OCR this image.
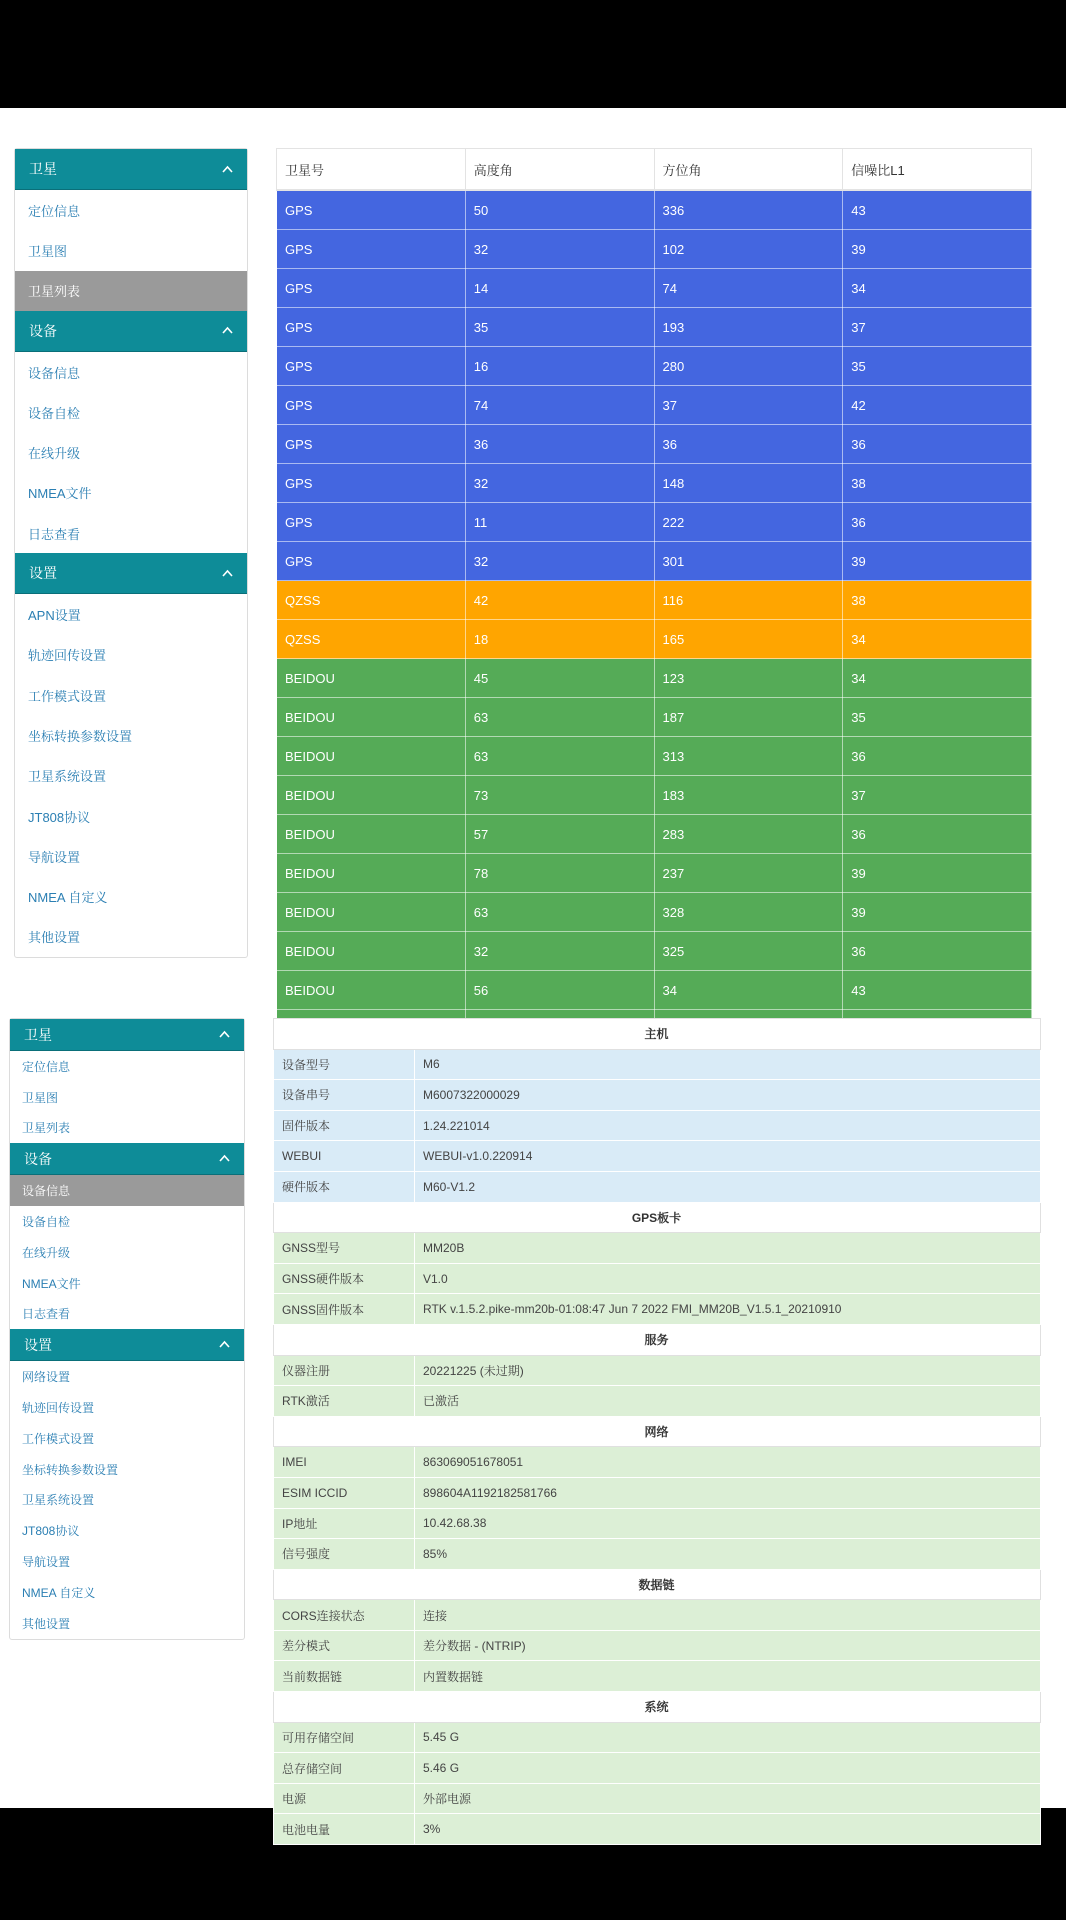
卫星
定位信息
卫星图
卫星列表
设备
设备信息
设备自检
在线升级
NMEA文件
日志查看
设置
APN设置
轨迹回传设置
工作模式设置
坐标转换参数设置
卫星系统设置
JT808协议
导航设置
NMEA 自定义
其他设置
卫星号	高度角	方位角	信噪比L1
GPS	50	336	43
GPS	32	102	39
GPS	14	74	34
GPS	35	193	37
GPS	16	280	35
GPS	74	37	42
GPS	36	36	36
GPS	32	148	38
GPS	11	222	36
GPS	32	301	39
QZSS	42	116	38
QZSS	18	165	34
BEIDOU	45	123	34
BEIDOU	63	187	35
BEIDOU	63	313	36
BEIDOU	73	183	37
BEIDOU	57	283	36
BEIDOU	78	237	39
BEIDOU	63	328	39
BEIDOU	32	325	36
BEIDOU	56	34	43

卫星
定位信息
卫星图
卫星列表
设备
设备信息
设备自检
在线升级
NMEA文件
日志查看
设置
网络设置
轨迹回传设置
工作模式设置
坐标转换参数设置
卫星系统设置
JT808协议
导航设置
NMEA 自定义
其他设置
主机	
设备型号	M6
设备串号	M6007322000029
固件版本	1.24.221014
WEBUI	WEBUI-v1.0.220914
硬件版本	M60-V1.2
GPS板卡	
GNSS型号	MM20B
GNSS硬件版本	V1.0
GNSS固件版本	RTK v.1.5.2.pike-mm20b-01:08:47 Jun 7 2022 FMI_MM20B_V1.5.1_20210910
服务	
仪器注册	20221225 (未过期)
RTK激活	已激活
网络	
IMEI	863069051678051
ESIM ICCID	898604A1192182581766
IP地址	10.42.68.38
信号强度	85%
数据链	
CORS连接状态	连接
差分模式	差分数据 - (NTRIP)
当前数据链	内置数据链
系统	
可用存储空间	5.45 G
总存储空间	5.46 G
电源	外部电源
电池电量	3%
